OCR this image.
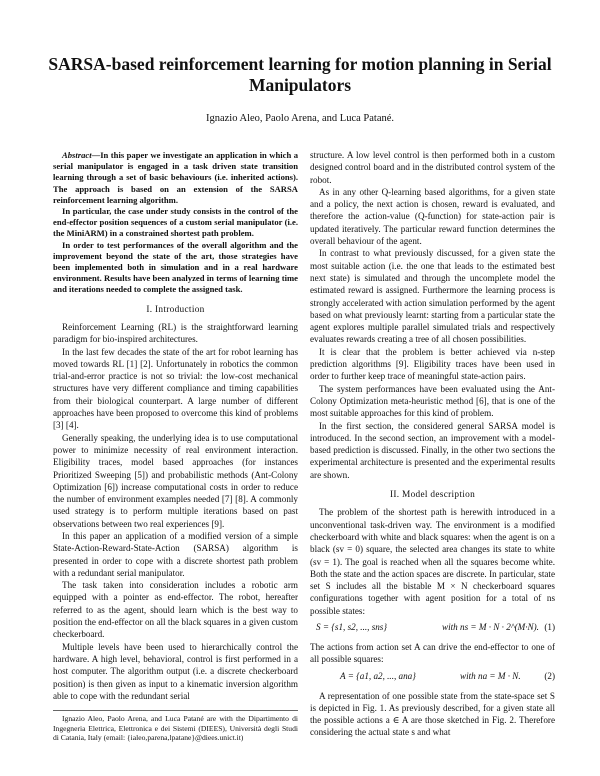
SARSA-based reinforcement learning for motion planning in Serial Manipulators
Ignazio Aleo, Paolo Arena, and Luca Patané.

Abstract—In this paper we investigate an application in which a serial manipulator is engaged in a task driven state transition learning through a set of basic behaviours (i.e. inherited actions). The approach is based on an extension of the SARSA reinforcement learning algorithm.

In particular, the case under study consists in the control of the end-effector position sequences of a custom serial manipulator (i.e. the MiniARM) in a constrained shortest path problem.

In order to test performances of the overall algorithm and the improvement beyond the state of the art, those strategies have been implemented both in simulation and in a real hardware environment. Results have been analyzed in terms of learning time and iterations needed to complete the assigned task.

I. Introduction

Reinforcement Learning (RL) is the straightforward learning paradigm for bio-inspired architectures.

In the last few decades the state of the art for robot learning has moved towards RL [1] [2]. Unfortunately in robotics the common trial-and-error practice is not so trivial: the low-cost mechanical structures have very different compliance and timing capabilities from their biological counterpart. A large number of different approaches have been proposed to overcome this kind of problems [3] [4].

Generally speaking, the underlying idea is to use computational power to minimize necessity of real environment interaction. Eligibility traces, model based approaches (for instances Prioritized Sweeping [5]) and probabilistic methods (Ant-Colony Optimization [6]) increase computational costs in order to reduce the number of environment examples needed [7] [8]. A commonly used strategy is to perform multiple iterations based on past observations between two real experiences [9].

In this paper an application of a modified version of a simple State-Action-Reward-State-Action (SARSA) algorithm is presented in order to cope with a discrete shortest path problem with a redundant serial manipulator.

The task taken into consideration includes a robotic arm equipped with a pointer as end-effector. The robot, hereafter referred to as the agent, should learn which is the best way to position the end-effector on all the black squares in a given custom checkerboard.

Multiple levels have been used to hierarchically control the hardware. A high level, behavioral, control is first performed in a host computer. The algorithm output (i.e. a discrete checkerboard position) is then given as input to a kinematic inversion algorithm able to cope with the redundant serial

Ignazio Aleo, Paolo Arena, and Luca Patané are with the Dipartimento di Ingegneria Elettrica, Elettronica e dei Sistemi (DIEES), Università degli Studi di Catania, Italy (email: {ialeo,parena,lpatane}@diees.unict.it)

structure. A low level control is then performed both in a custom designed control board and in the distributed control system of the robot.

As in any other Q-learning based algorithms, for a given state and a policy, the next action is chosen, reward is evaluated, and therefore the action-value (Q-function) for state-action pair is updated iteratively. The particular reward function determines the overall behaviour of the agent.

In contrast to what previously discussed, for a given state the most suitable action (i.e. the one that leads to the estimated best next state) is simulated and through the uncomplete model the estimated reward is assigned. Furthermore the learning process is strongly accelerated with action simulation performed by the agent based on what previously learnt: starting from a particular state the agent explores multiple parallel simulated trials and respectively evaluates rewards creating a tree of all chosen possibilities.

It is clear that the problem is better achieved via n-step prediction algorithms [9]. Eligibility traces have been used in order to further keep trace of meaningful state-action pairs.

The system performances have been evaluated using the Ant-Colony Optimization meta-heuristic method [6], that is one of the most suitable approaches for this kind of problem.

In the first section, the considered general SARSA model is introduced. In the second section, an improvement with a model-based prediction is discussed. Finally, in the other two sections the experimental architecture is presented and the experimental results are shown.

II. Model description

The problem of the shortest path is herewith introduced in a unconventional task-driven way. The environment is a modified checkerboard with white and black squares: when the agent is on a black (sv = 0) square, the selected area changes its state to white (sv = 1). The goal is reached when all the squares become white. Both the state and the action spaces are discrete. In particular, state set S includes all the bistable M × N checkerboard squares configurations together with agent position for a total of ns possible states:

S = {s1, s2, ..., sns}	with ns = M · N · 2^(M·N). (1)

The actions from action set A can drive the end-effector to one of all possible squares:

A = {a1, a2, ..., ana}	with na = M · N.	(2)

A representation of one possible state from the state-space set S is depicted in Fig. 1. As previously described, for a given state all the possible actions a ∈ A are those sketched in Fig. 2. Therefore considering the actual state s and what
